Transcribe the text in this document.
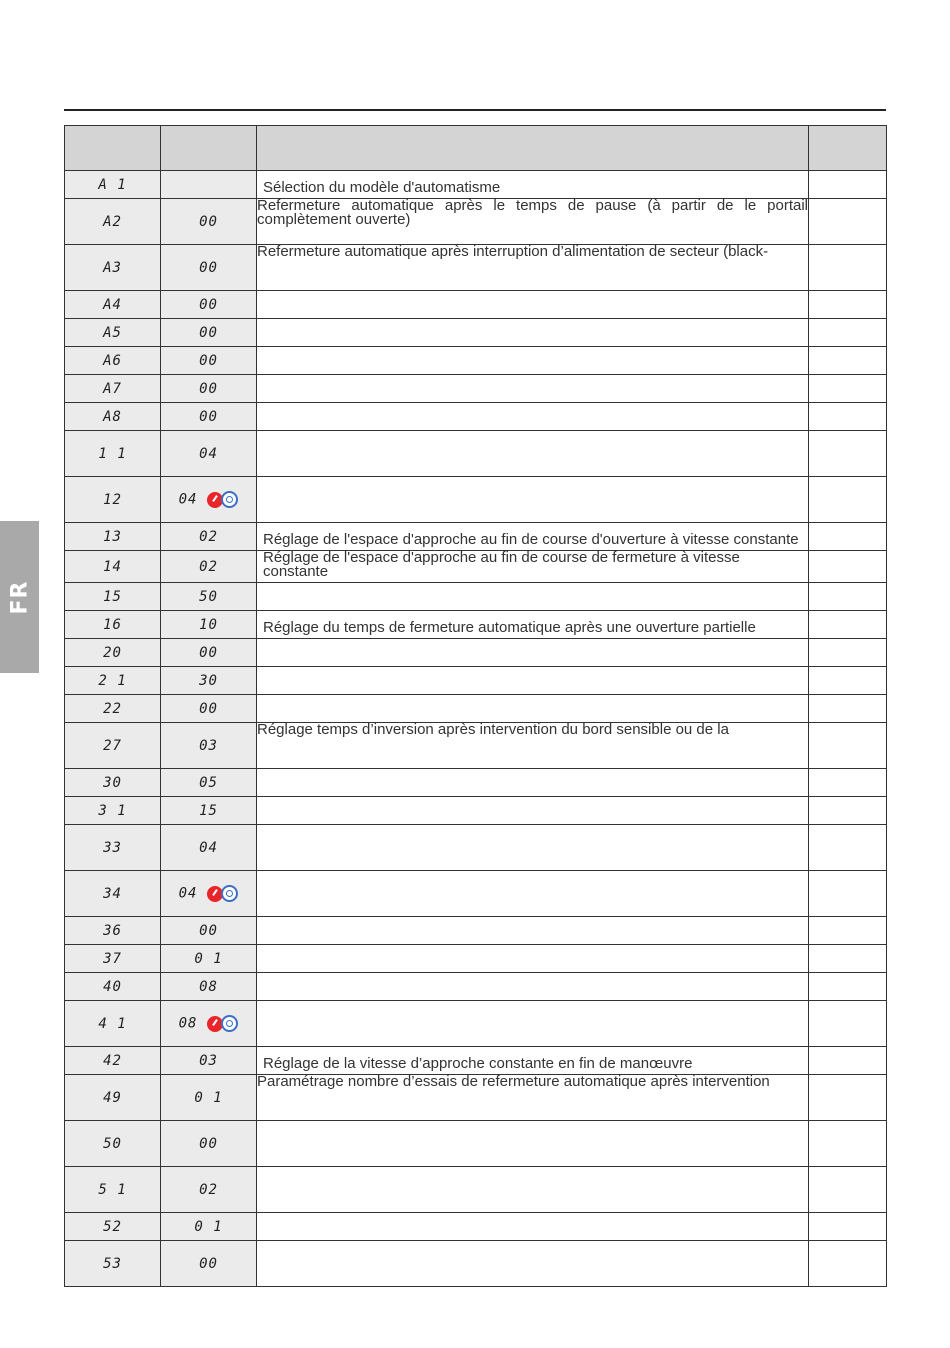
FR

A 1		Sélection du modèle d'automatisme	
A2	00	Refermeture automatique après le temps de pause (à partir de le portail complètement ouverte)	
A3	00	Refermeture automatique après interruption d’alimentation de secteur (black-	
A4	00		
A5	00		
A6	00		
A7	00		
A8	00		
1 1	04		
12	04		
13	02	Réglage de l'espace d'approche au fin de course d'ouverture à vitesse constante	
14	02	Réglage de l'espace d'approche au fin de course de fermeture à vitesse constante	
15	50		
16	10	Réglage du temps de fermeture automatique après une ouverture partielle	
20	00		
2 1	30		
22	00		
27	03	Réglage temps d’inversion après intervention du bord sensible ou de la	
30	05		
3 1	15		
33	04		
34	04		
36	00		
37	0 1		
40	08		
4 1	08		
42	03	Réglage de la vitesse d’approche constante en fin de manœuvre	
49	0 1	Paramétrage nombre d’essais de refermeture automatique après intervention	
50	00		
5 1	02		
52	0 1		
53	00		
